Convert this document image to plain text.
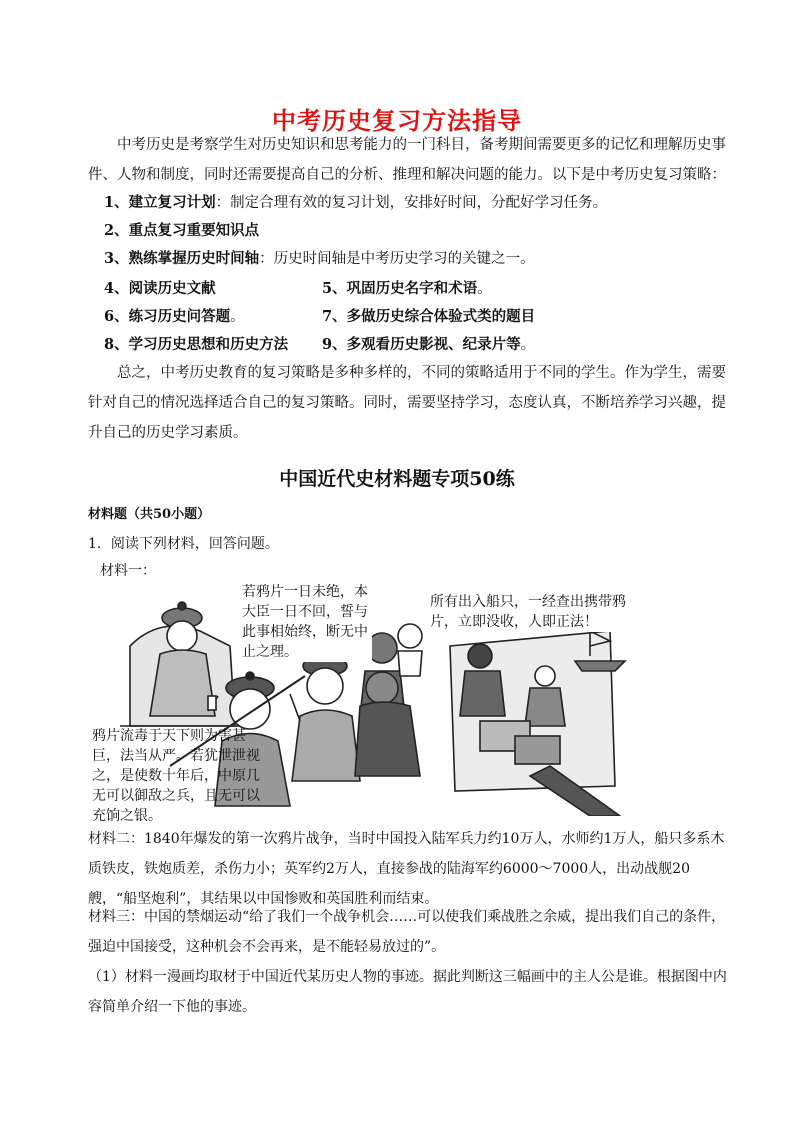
中考历史复习方法指导
中考历史是考察学生对历史知识和思考能力的一门科目，备考期间需要更多的记忆和理解历史事件、人物和制度，同时还需要提高自己的分析、推理和解决问题的能力。以下是中考历史复习策略：
1、建立复习计划：制定合理有效的复习计划，安排好时间，分配好学习任务。
2、重点复习重要知识点
3、熟练掌握历史时间轴：历史时间轴是中考历史学习的关键之一。
4、阅读历史文献	5、巩固历史名字和术语。
6、练习历史问答题。	7、多做历史综合体验式类的题目
8、学习历史思想和历史方法 9、多观看历史影视、纪录片等。
总之，中考历史教育的复习策略是多种多样的，不同的策略适用于不同的学生。作为学生，需要针对自己的情况选择适合自己的复习策略。同时，需要坚持学习，态度认真，不断培养学习兴趣，提升自己的历史学习素质。
中国近代史材料题专项50练
材料题（共50小题）
1．阅读下列材料，回答问题。
材料一：
若鸦片一日未绝，本大臣一日不回，誓与此事相始终，断无中止之理。
所有出入船只，一经查出携带鸦片，立即没收，人即正法！
鸦片流毒于天下则为害甚巨，法当从严。若犹泄泄视之，是使数十年后，中原几无可以御敌之兵，且无可以充饷之银。
材料二：1840年爆发的第一次鸦片战争，当时中国投入陆军兵力约10万人，水师约1万人，船只多系木质铁皮，铁炮质差，杀伤力小；英军约2万人，直接参战的陆海军约6000～7000人，出动战舰20艘，“船坚炮利”，其结果以中国惨败和英国胜利而结束。
材料三：中国的禁烟运动“给了我们一个战争机会……可以使我们乘战胜之余威，提出我们自己的条件，强迫中国接受，这种机会不会再来，是不能轻易放过的”。
（1）材料一漫画均取材于中国近代某历史人物的事迹。据此判断这三幅画中的主人公是谁。根据图中内容简单介绍一下他的事迹。
